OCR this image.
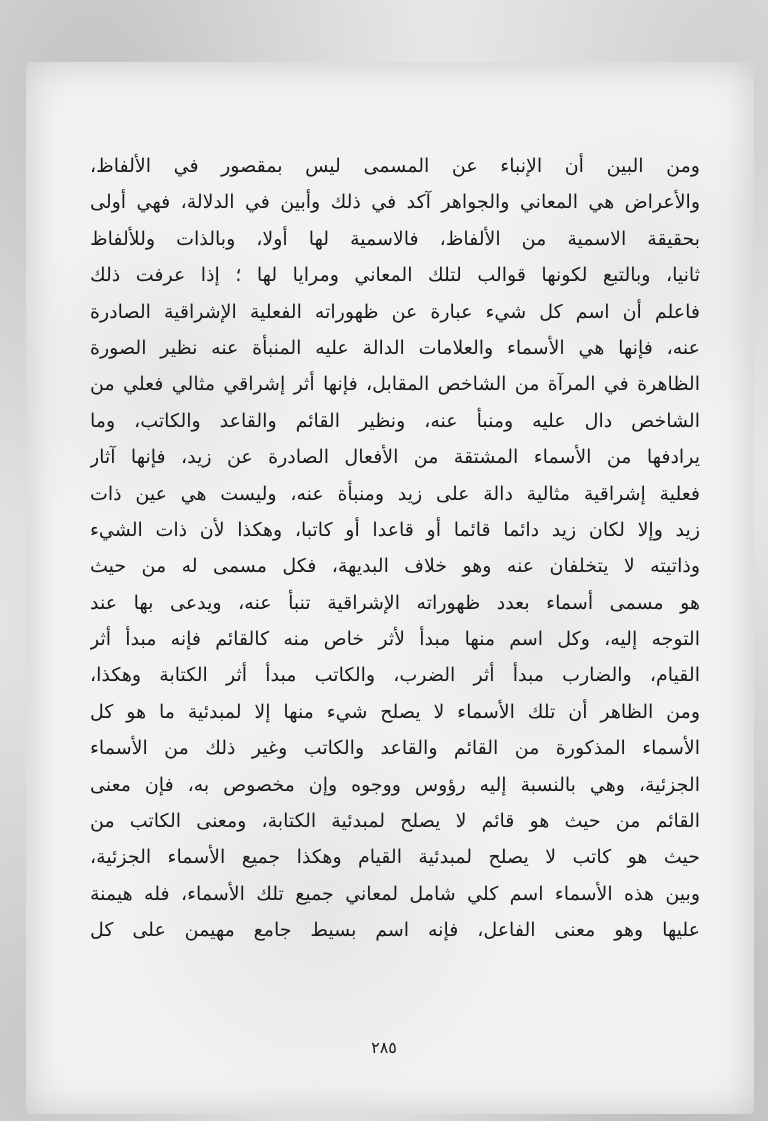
ومن البين أن الإنباء عن المسمى ليس بمقصور في الألفاظ،
والأعراض هي المعاني والجواهر آكد في ذلك وأبين في الدلالة، فهي أولى
بحقيقة الاسمية من الألفاظ، فالاسمية لها أولا، وبالذات وللألفاظ
ثانيا، وبالتبع لكونها قوالب لتلك المعاني ومرايا لها ؛ إذا عرفت ذلك
فاعلم أن اسم كل شيء عبارة عن ظهوراته الفعلية الإشراقية الصادرة
عنه، فإنها هي الأسماء والعلامات الدالة عليه المنبأة عنه نظير الصورة
الظاهرة في المرآة من الشاخص المقابل، فإنها أثر إشراقي مثالي فعلي من
الشاخص دال عليه ومنبأ عنه، ونظير القائم والقاعد والكاتب، وما
يرادفها من الأسماء المشتقة من الأفعال الصادرة عن زيد، فإنها آثار
فعلية إشراقية مثالية دالة على زيد ومنبأة عنه، وليست هي عين ذات
زيد وإلا لكان زيد دائما قائما أو قاعدا أو كاتبا، وهكذا لأن ذات الشيء
وذاتيته لا يتخلفان عنه وهو خلاف البديهة، فكل مسمى له من حيث
هو مسمى أسماء بعدد ظهوراته الإشراقية تنبأ عنه، ويدعى بها عند
التوجه إليه، وكل اسم منها مبدأ لأثر خاص منه كالقائم فإنه مبدأ أثر
القيام، والضارب مبدأ أثر الضرب، والكاتب مبدأ أثر الكتابة وهكذا،
ومن الظاهر أن تلك الأسماء لا يصلح شيء منها إلا لمبدئية ما هو كل
الأسماء المذكورة من القائم والقاعد والكاتب وغير ذلك من الأسماء
الجزئية، وهي بالنسبة إليه رؤوس ووجوه وإن مخصوص به، فإن معنى
القائم من حيث هو قائم لا يصلح لمبدئية الكتابة، ومعنى الكاتب من
حيث هو كاتب لا يصلح لمبدئية القيام وهكذا جميع الأسماء الجزئية،
وبين هذه الأسماء اسم كلي شامل لمعاني جميع تلك الأسماء، فله هيمنة
عليها وهو معنى الفاعل، فإنه اسم بسيط جامع مهيمن على كل
٢٨٥
